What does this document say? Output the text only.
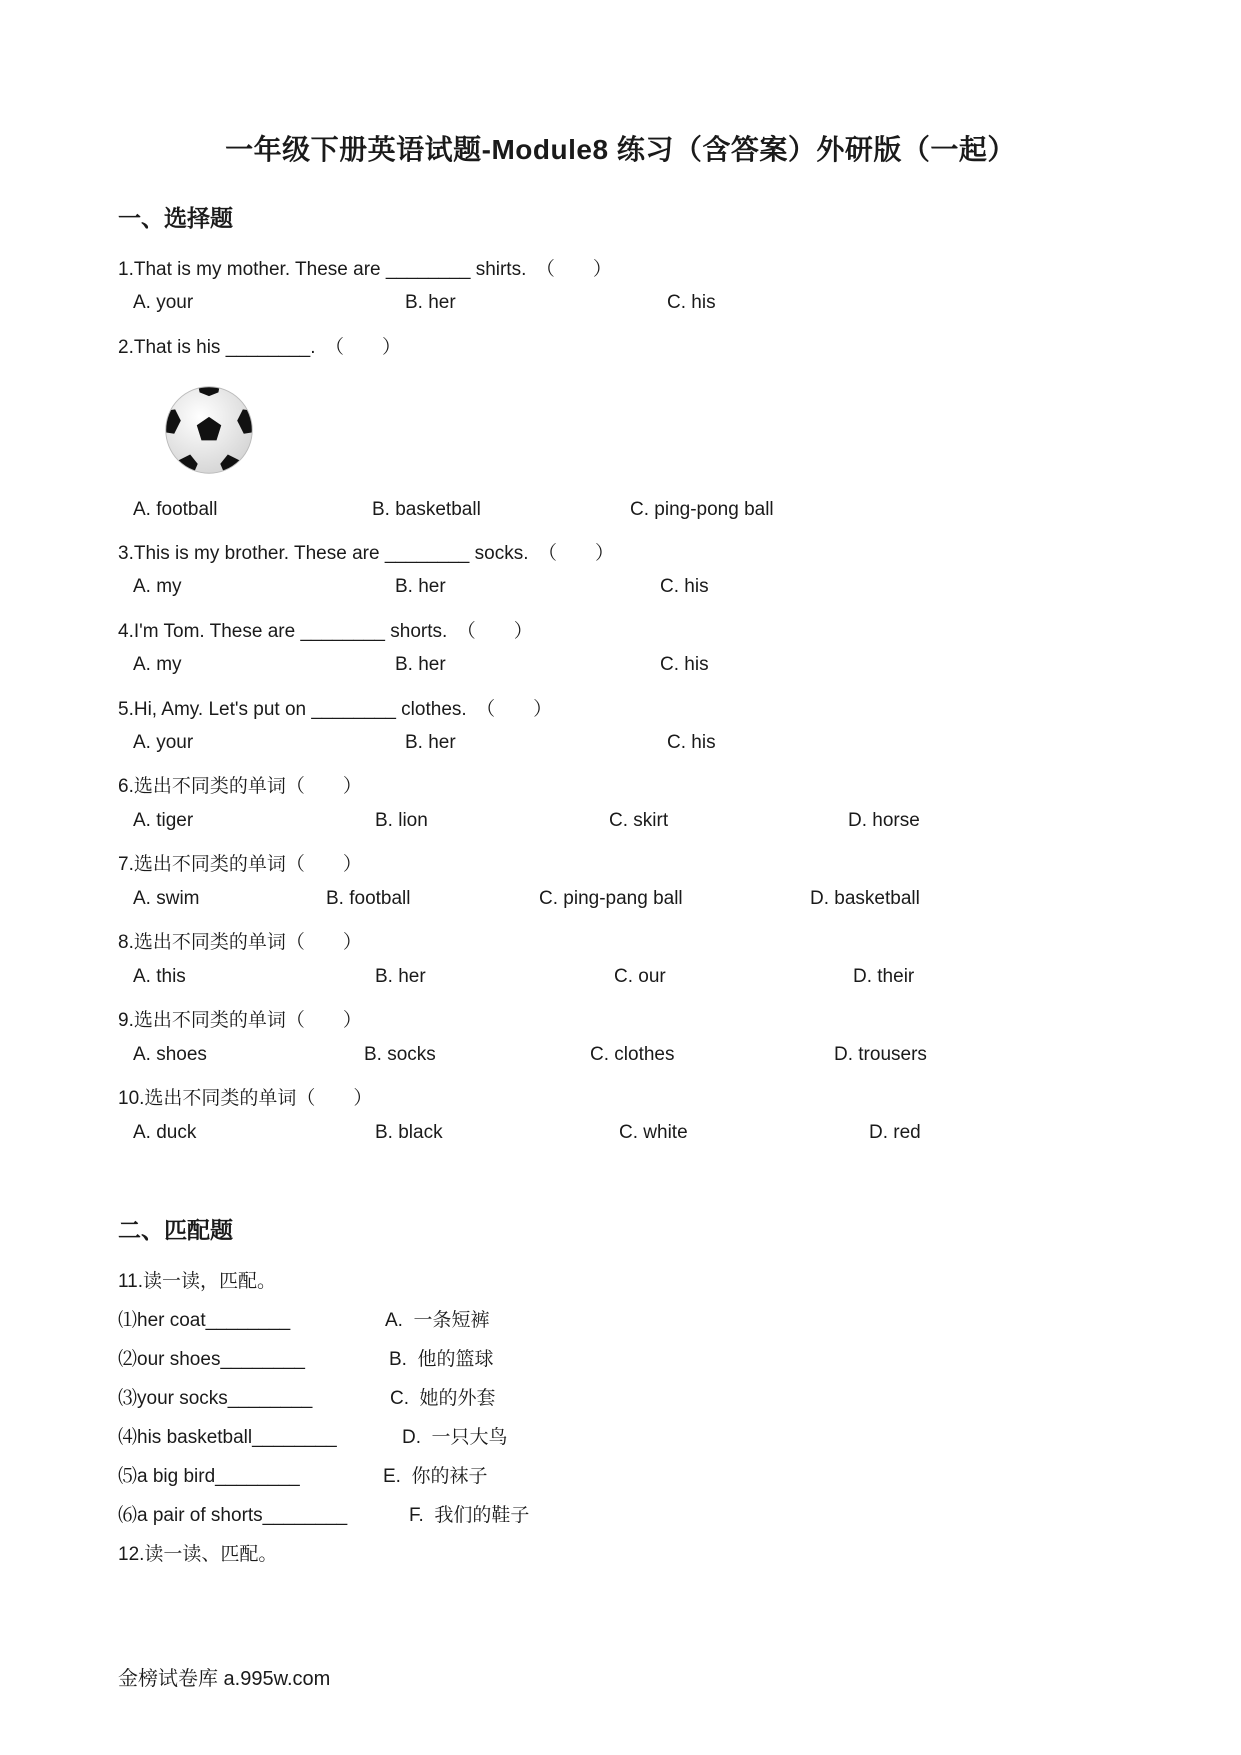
一年级下册英语试题-Module8 练习（含答案）外研版（一起）
一、选择题
1.That is my mother. These are ________ shirts.　（　　）
A. your	B. her	C. his
2.That is his ________.　（　　）
A. football	B. basketball	C. ping-pong ball
3.This is my brother. These are ________ socks.　（　　）
A. my	B. her	C. his
4.I'm Tom. These are ________ shorts.　（　　）
A. my	B. her	C. his
5.Hi, Amy. Let's put on ________ clothes.　（　　）
A. your	B. her	C. his
6.选出不同类的单词（　　）
A. tiger	B. lion	C. skirt	D. horse
7.选出不同类的单词（　　）
A. swim	B. football	C. ping-pang ball	D. basketball
8.选出不同类的单词（　　）
A. this	B. her	C. our	D. their
9.选出不同类的单词（　　）
A. shoes	B. socks	C. clothes	D. trousers
10.选出不同类的单词（　　）
A. duck	B. black	C. white	D. red
二、匹配题
11.读一读，匹配。
⑴her coat________	A.  一条短裤
⑵our shoes________	B.  他的篮球
⑶your socks________	C.  她的外套
⑷his basketball________	D.  一只大鸟
⑸a big bird________	E.  你的袜子
⑹a pair of shorts________	F.  我们的鞋子
12.读一读、匹配。
金榜试卷库 a.995w.com
